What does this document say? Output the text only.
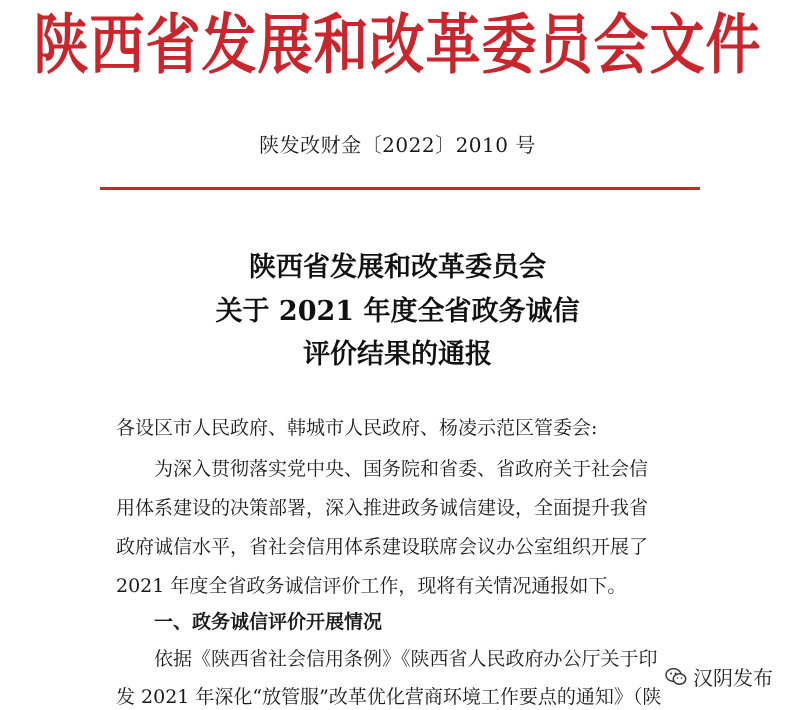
陕西省发展和改革委员会文件
陕发改财金〔2022〕2010 号
陕西省发展和改革委员会
关于 2021 年度全省政务诚信
评价结果的通报
各设区市人民政府、韩城市人民政府、杨凌示范区管委会:
为深入贯彻落实党中央、国务院和省委、省政府关于社会信
用体系建设的决策部署，深入推进政务诚信建设，全面提升我省
政府诚信水平，省社会信用体系建设联席会议办公室组织开展了
2021 年度全省政务诚信评价工作，现将有关情况通报如下。
一、政务诚信评价开展情况
依据《陕西省社会信用条例》《陕西省人民政府办公厅关于印
发 2021 年深化“放管服”改革优化营商环境工作要点的通知》（陕
汉阴发布
